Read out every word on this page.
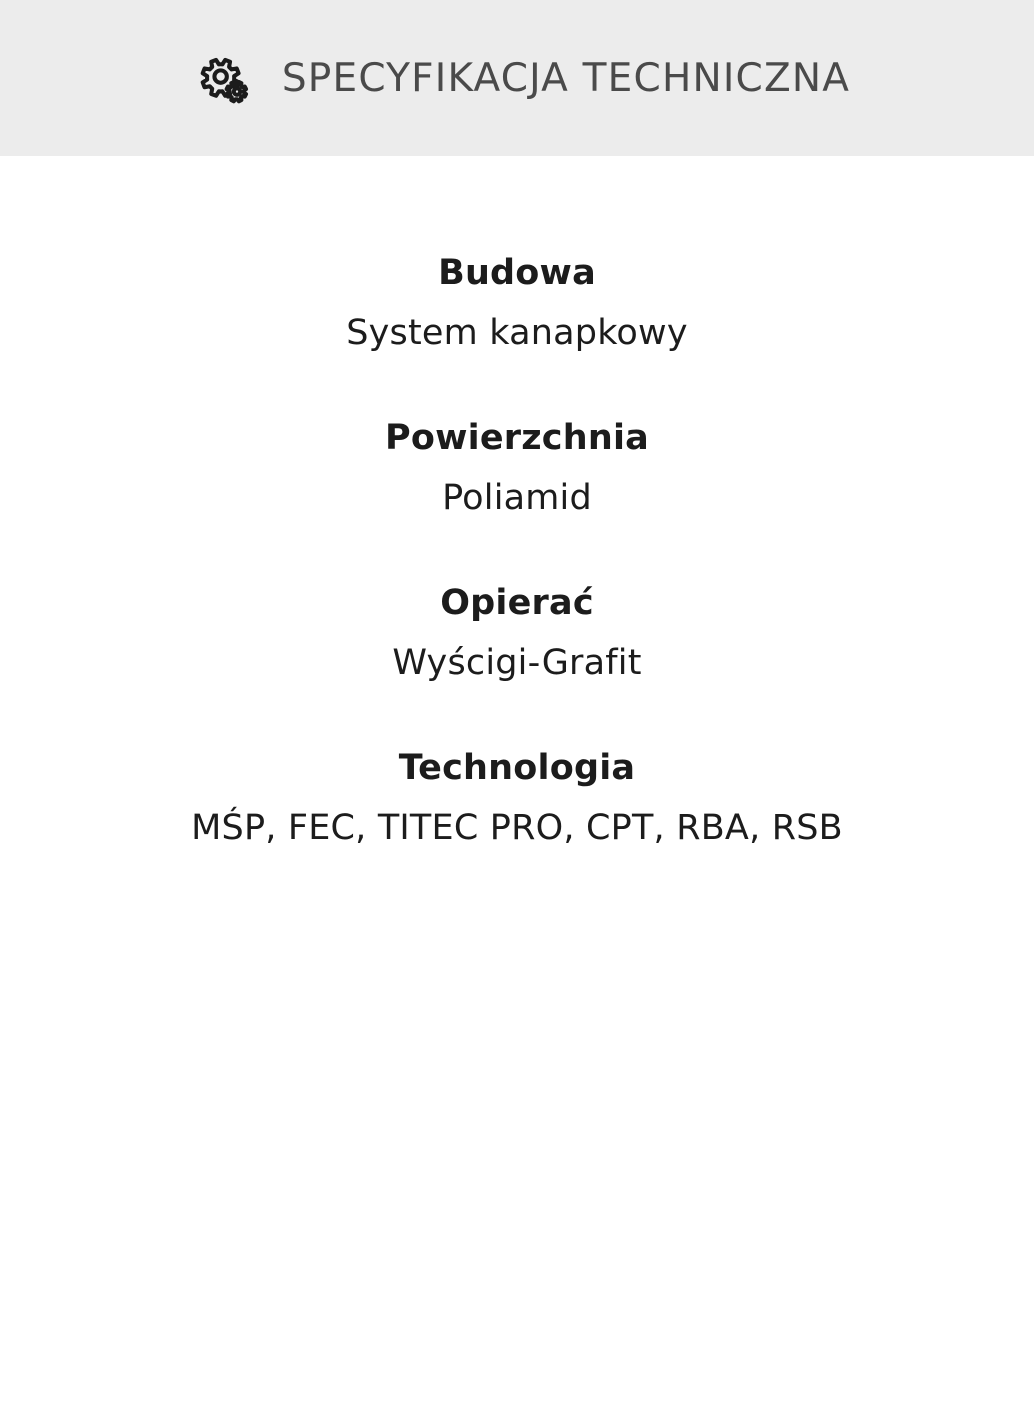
SPECYFIKACJA TECHNICZNA
Budowa
System kanapkowy
Powierzchnia
Poliamid
Opierać
Wyścigi-Grafit
Technologia
MŚP, FEC, TITEC PRO, CPT, RBA, RSB
